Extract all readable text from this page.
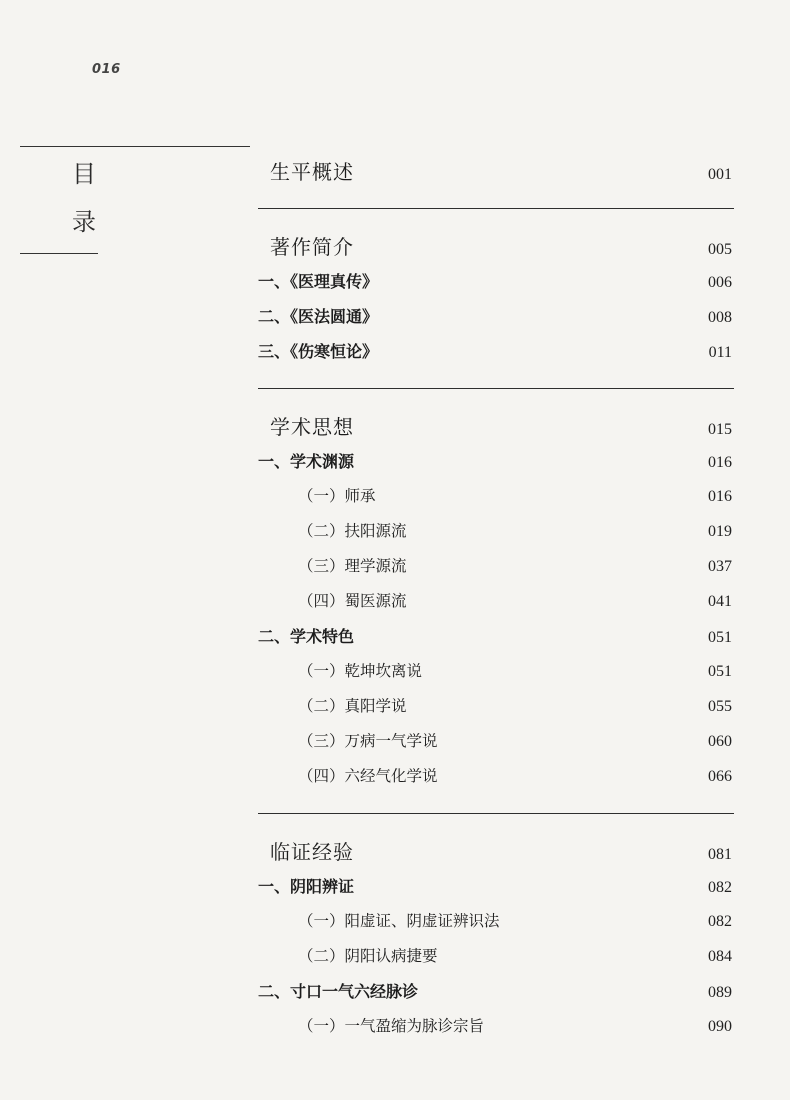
016
目
录
生平概述	001
著作简介	005
一、《医理真传》	006
二、《医法圆通》	008
三、《伤寒恒论》	011
学术思想	015
一、学术渊源	016
（一）师承	016
（二）扶阳源流	019
（三）理学源流	037
（四）蜀医源流	041
二、学术特色	051
（一）乾坤坎离说	051
（二）真阳学说	055
（三）万病一气学说	060
（四）六经气化学说	066
临证经验	081
一、阴阳辨证	082
（一）阳虚证、阴虚证辨识法	082
（二）阴阳认病捷要	084
二、寸口一气六经脉诊	089
（一）一气盈缩为脉诊宗旨	090
